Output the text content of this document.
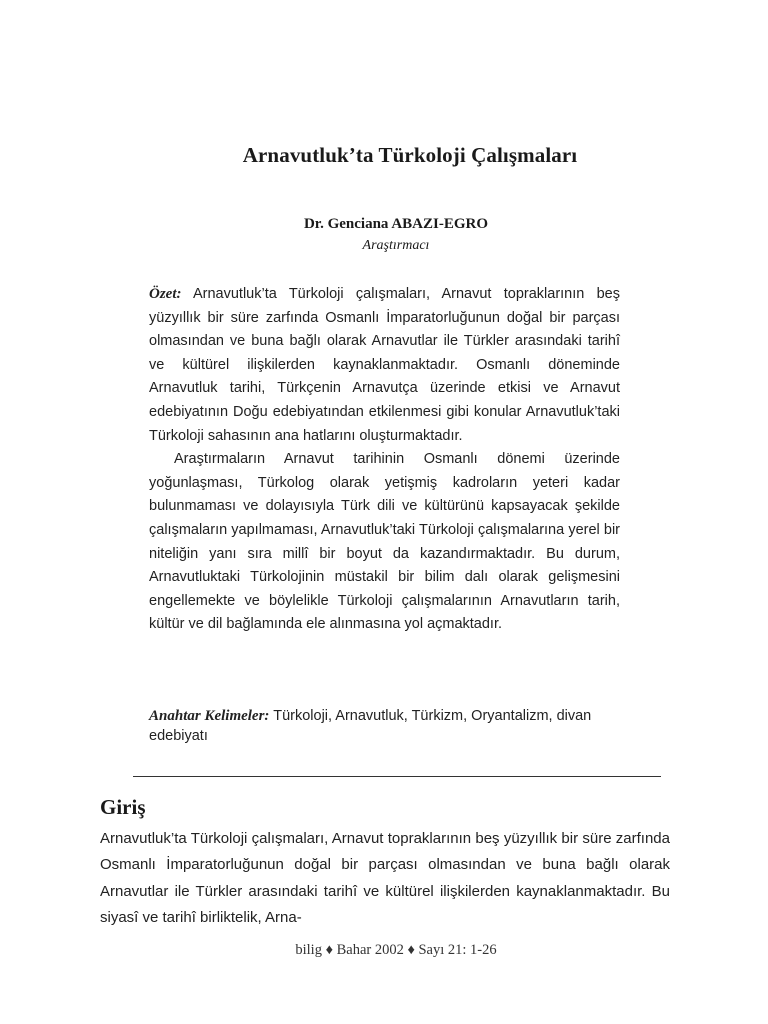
Arnavutluk’ta Türkoloji Çalışmaları
Dr. Genciana ABAZI-EGRO
Araştırmacı

Özet: Arnavutluk’ta Türkoloji çalışmaları, Arnavut topraklarının beş yüzyıllık bir süre zarfında Osmanlı İmparatorluğunun doğal bir parçası olmasından ve buna bağlı olarak Arnavutlar ile Türkler arasındaki tarihî ve kültürel ilişkilerden kaynaklanmaktadır. Osmanlı döneminde Arnavutluk tarihi, Türkçenin Arnavutça üzerinde etkisi ve Arnavut edebiyatının Doğu edebiyatından etkilenmesi gibi konular Arnavutluk’taki Türkoloji sahasının ana hatlarını oluşturmaktadır.

Araştırmaların Arnavut tarihinin Osmanlı dönemi üzerinde yoğunlaşması, Türkolog olarak yetişmiş kadroların yeteri kadar bulunmaması ve dolayısıyla Türk dili ve kültürünü kapsayacak şekilde çalışmaların yapılmaması, Arnavutluk’taki Türkoloji çalışmalarına yerel bir niteliğin yanı sıra millî bir boyut da kazandırmaktadır. Bu durum, Arnavutluktaki Türkolojinin müstakil bir bilim dalı olarak gelişmesini engellemekte ve böylelikle Türkoloji çalışmalarının Arnavutların tarih, kültür ve dil bağlamında ele alınmasına yol açmaktadır.

Anahtar Kelimeler: Türkoloji, Arnavutluk, Türkizm, Oryantalizm, divan edebiyatı
Giriş

Arnavutluk’ta Türkoloji çalışmaları, Arnavut topraklarının beş yüzyıllık bir süre zarfında Osmanlı İmparatorluğunun doğal bir parçası olmasından ve buna bağlı olarak Arnavutlar ile Türkler arasındaki tarihî ve kültürel ilişkilerden kaynaklanmaktadır. Bu siyasî ve tarihî birliktelik, Arna-

bilig ♦ Bahar 2002 ♦ Sayı 21: 1-26
